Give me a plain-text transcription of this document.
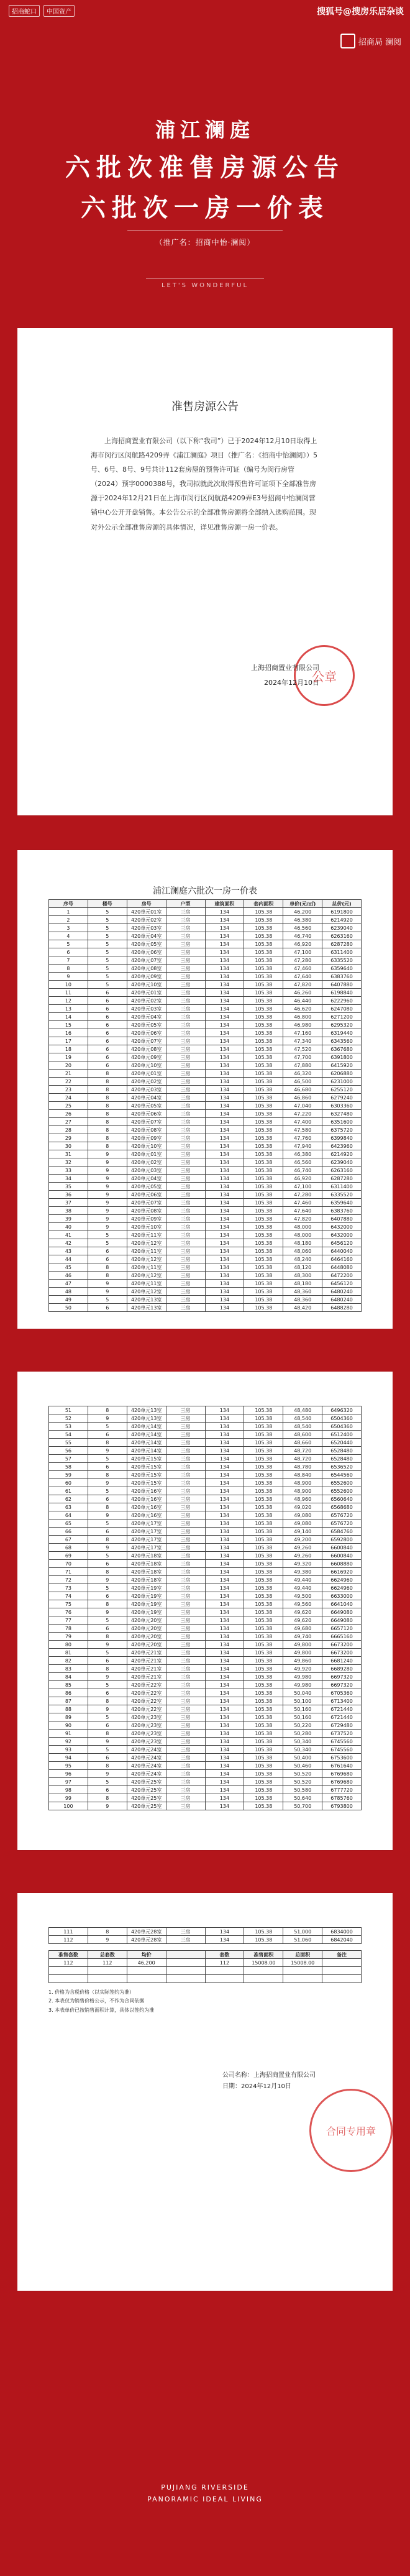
招商蛇口	中国资产	搜狐号@搜房乐居杂谈
招商局 澜阅
浦江澜庭
六批次准售房源公告
六批次一房一价表
（推广名：招商中怡·澜阅）
LET'S WONDERFUL
准售房源公告
上海招商置业有限公司（以下称“我司”）已于2024年12月10日取得上海市闵行区闵航路4209弄《浦江澜庭》项目（推广名：《招商中怡澜阅》）5号、6号、8号、9号共计112套房屋的预售许可证（编号为闵行房管（2024）预字0000388号，我司拟就此次取得预售许可证项下全部准售房源于2024年12月21日在上海市闵行区闵航路4209弄E3号招商中怡澜阅营销中心公开开盘销售。本公告公示的全部准售房源将全部纳入选购范围。现对外公示全部准售房源的具体情况，详见准售房源一房一价表。
公章
上海招商置业有限公司
2024年12月10日
浦江澜庭六批次一房一价表
序号	楼号	房号	户型	建筑面积	套内面积	单价(元/㎡)	总价(元)
1	5	420单元01室	三房	134	105.38	46,200	6191800
2	5	420单元02室	三房	134	105.38	46,380	6214920
3	5	420单元03室	三房	134	105.38	46,560	6239040
4	5	420单元04室	三房	134	105.38	46,740	6263160
5	5	420单元05室	三房	134	105.38	46,920	6287280
6	5	420单元06室	三房	134	105.38	47,100	6311400
7	5	420单元07室	三房	134	105.38	47,280	6335520
8	5	420单元08室	三房	134	105.38	47,460	6359640
9	5	420单元09室	三房	134	105.38	47,640	6383760
10	5	420单元10室	三房	134	105.38	47,820	6407880
11	6	420单元01室	三房	134	105.38	46,260	6198840
12	6	420单元02室	三房	134	105.38	46,440	6222960
13	6	420单元03室	三房	134	105.38	46,620	6247080
14	6	420单元04室	三房	134	105.38	46,800	6271200
15	6	420单元05室	三房	134	105.38	46,980	6295320
16	6	420单元06室	三房	134	105.38	47,160	6319440
17	6	420单元07室	三房	134	105.38	47,340	6343560
18	6	420单元08室	三房	134	105.38	47,520	6367680
19	6	420单元09室	三房	134	105.38	47,700	6391800
20	6	420单元10室	三房	134	105.38	47,880	6415920
21	8	420单元01室	三房	134	105.38	46,320	6206880
22	8	420单元02室	三房	134	105.38	46,500	6231000
23	8	420单元03室	三房	134	105.38	46,680	6255120
24	8	420单元04室	三房	134	105.38	46,860	6279240
25	8	420单元05室	三房	134	105.38	47,040	6303360
26	8	420单元06室	三房	134	105.38	47,220	6327480
27	8	420单元07室	三房	134	105.38	47,400	6351600
28	8	420单元08室	三房	134	105.38	47,580	6375720
29	8	420单元09室	三房	134	105.38	47,760	6399840
30	8	420单元10室	三房	134	105.38	47,940	6423960
31	9	420单元01室	三房	134	105.38	46,380	6214920
32	9	420单元02室	三房	134	105.38	46,560	6239040
33	9	420单元03室	三房	134	105.38	46,740	6263160
34	9	420单元04室	三房	134	105.38	46,920	6287280
35	9	420单元05室	三房	134	105.38	47,100	6311400
36	9	420单元06室	三房	134	105.38	47,280	6335520
37	9	420单元07室	三房	134	105.38	47,460	6359640
38	9	420单元08室	三房	134	105.38	47,640	6383760
39	9	420单元09室	三房	134	105.38	47,820	6407880
40	9	420单元10室	三房	134	105.38	48,000	6432000
41	5	420单元11室	三房	134	105.38	48,000	6432000
42	5	420单元12室	三房	134	105.38	48,180	6456120
43	6	420单元11室	三房	134	105.38	48,060	6440040
44	6	420单元12室	三房	134	105.38	48,240	6464160
45	8	420单元11室	三房	134	105.38	48,120	6448080
46	8	420单元12室	三房	134	105.38	48,300	6472200
47	9	420单元11室	三房	134	105.38	48,180	6456120
48	9	420单元12室	三房	134	105.38	48,360	6480240
49	5	420单元13室	三房	134	105.38	48,360	6480240
50	6	420单元13室	三房	134	105.38	48,420	6488280
51	8	420单元13室	三房	134	105.38	48,480	6496320
52	9	420单元13室	三房	134	105.38	48,540	6504360
53	5	420单元14室	三房	134	105.38	48,540	6504360
54	6	420单元14室	三房	134	105.38	48,600	6512400
55	8	420单元14室	三房	134	105.38	48,660	6520440
56	9	420单元14室	三房	134	105.38	48,720	6528480
57	5	420单元15室	三房	134	105.38	48,720	6528480
58	6	420单元15室	三房	134	105.38	48,780	6536520
59	8	420单元15室	三房	134	105.38	48,840	6544560
60	9	420单元15室	三房	134	105.38	48,900	6552600
61	5	420单元16室	三房	134	105.38	48,900	6552600
62	6	420单元16室	三房	134	105.38	48,960	6560640
63	8	420单元16室	三房	134	105.38	49,020	6568680
64	9	420单元16室	三房	134	105.38	49,080	6576720
65	5	420单元17室	三房	134	105.38	49,080	6576720
66	6	420单元17室	三房	134	105.38	49,140	6584760
67	8	420单元17室	三房	134	105.38	49,200	6592800
68	9	420单元17室	三房	134	105.38	49,260	6600840
69	5	420单元18室	三房	134	105.38	49,260	6600840
70	6	420单元18室	三房	134	105.38	49,320	6608880
71	8	420单元18室	三房	134	105.38	49,380	6616920
72	9	420单元18室	三房	134	105.38	49,440	6624960
73	5	420单元19室	三房	134	105.38	49,440	6624960
74	6	420单元19室	三房	134	105.38	49,500	6633000
75	8	420单元19室	三房	134	105.38	49,560	6641040
76	9	420单元19室	三房	134	105.38	49,620	6649080
77	5	420单元20室	三房	134	105.38	49,620	6649080
78	6	420单元20室	三房	134	105.38	49,680	6657120
79	8	420单元20室	三房	134	105.38	49,740	6665160
80	9	420单元20室	三房	134	105.38	49,800	6673200
81	5	420单元21室	三房	134	105.38	49,800	6673200
82	6	420单元21室	三房	134	105.38	49,860	6681240
83	8	420单元21室	三房	134	105.38	49,920	6689280
84	9	420单元21室	三房	134	105.38	49,980	6697320
85	5	420单元22室	三房	134	105.38	49,980	6697320
86	6	420单元22室	三房	134	105.38	50,040	6705360
87	8	420单元22室	三房	134	105.38	50,100	6713400
88	9	420单元22室	三房	134	105.38	50,160	6721440
89	5	420单元23室	三房	134	105.38	50,160	6721440
90	6	420单元23室	三房	134	105.38	50,220	6729480
91	8	420单元23室	三房	134	105.38	50,280	6737520
92	9	420单元23室	三房	134	105.38	50,340	6745560
93	5	420单元24室	三房	134	105.38	50,340	6745560
94	6	420单元24室	三房	134	105.38	50,400	6753600
95	8	420单元24室	三房	134	105.38	50,460	6761640
96	9	420单元24室	三房	134	105.38	50,520	6769680
97	5	420单元25室	三房	134	105.38	50,520	6769680
98	6	420单元25室	三房	134	105.38	50,580	6777720
99	8	420单元25室	三房	134	105.38	50,640	6785760
100	9	420单元25室	三房	134	105.38	50,700	6793800
111	8	420单元28室	三房	134	105.38	51,000	6834000
112	9	420单元28室	三房	134	105.38	51,060	6842040
准售套数	总套数	均价		套数	准售面积	总面积	备注
112	112	46,200		112	15008.00	15008.00	

1. 价格为含税价格（以实际签约为准）
2. 本表仅为销售价格公示，不作为合同依据
3. 本表单价已按销售面积计算，具体以签约为准
公司名称：上海招商置业有限公司
日期：2024年12月10日
合同专用章
PUJIANG RIVERSIDE
PANORAMIC IDEAL LIVING
